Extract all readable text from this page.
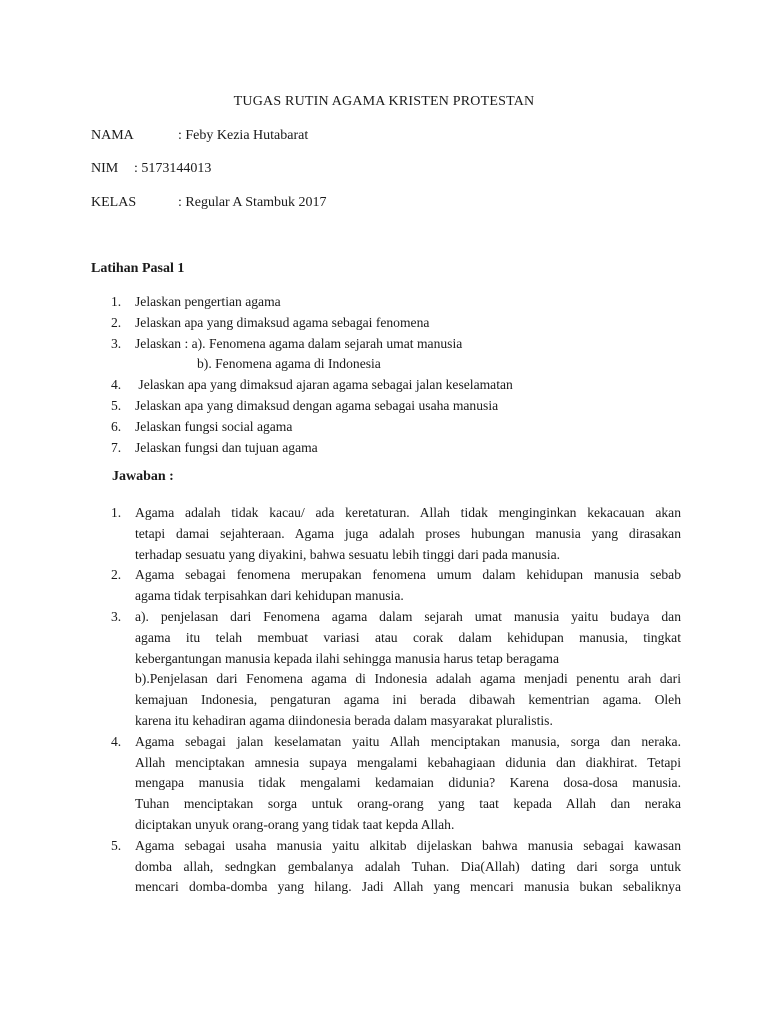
TUGAS RUTIN AGAMA KRISTEN PROTESTAN
NAMA	: Feby Kezia Hutabarat
NIM : 5173144013
KELAS	: Regular A Stambuk 2017
Latihan Pasal 1
1. Jelaskan pengertian agama
2. Jelaskan apa yang dimaksud agama sebagai fenomena
3. Jelaskan : a). Fenomena agama dalam sejarah umat manusia
b). Fenomena agama di Indonesia
4. Jelaskan apa yang dimaksud ajaran agama sebagai jalan keselamatan
5. Jelaskan apa yang dimaksud dengan agama sebagai usaha manusia
6. Jelaskan fungsi social agama
7. Jelaskan fungsi dan tujuan agama
Jawaban :
1. Agama adalah tidak kacau/ ada keretaturan. Allah tidak menginginkan kekacauan akan
tetapi damai sejahteraan. Agama juga adalah proses hubungan manusia yang dirasakan
terhadap sesuatu yang diyakini, bahwa sesuatu lebih tinggi dari pada manusia.
2. Agama sebagai fenomena merupakan fenomena umum dalam kehidupan manusia sebab
agama tidak terpisahkan dari kehidupan manusia.
3. a). penjelasan dari Fenomena agama dalam sejarah umat manusia yaitu budaya dan
agama itu telah membuat variasi atau corak dalam kehidupan manusia, tingkat
kebergantungan manusia kepada ilahi sehingga manusia harus tetap beragama
b).Penjelasan dari Fenomena agama di Indonesia adalah agama menjadi penentu arah dari
kemajuan Indonesia, pengaturan agama ini berada dibawah kementrian agama. Oleh
karena itu kehadiran agama diindonesia berada dalam masyarakat pluralistis.
4. Agama sebagai jalan keselamatan yaitu Allah menciptakan manusia, sorga dan neraka.
Allah menciptakan amnesia supaya mengalami kebahagiaan didunia dan diakhirat. Tetapi
mengapa manusia tidak mengalami kedamaian didunia? Karena dosa-dosa manusia.
Tuhan menciptakan sorga untuk orang-orang yang taat kepada Allah dan neraka
diciptakan unyuk orang-orang yang tidak taat kepda Allah.
5. Agama sebagai usaha manusia yaitu alkitab dijelaskan bahwa manusia sebagai kawasan
domba allah, sedngkan gembalanya adalah Tuhan. Dia(Allah) dating dari sorga untuk
mencari domba-domba yang hilang. Jadi Allah yang mencari manusia bukan sebaliknya
